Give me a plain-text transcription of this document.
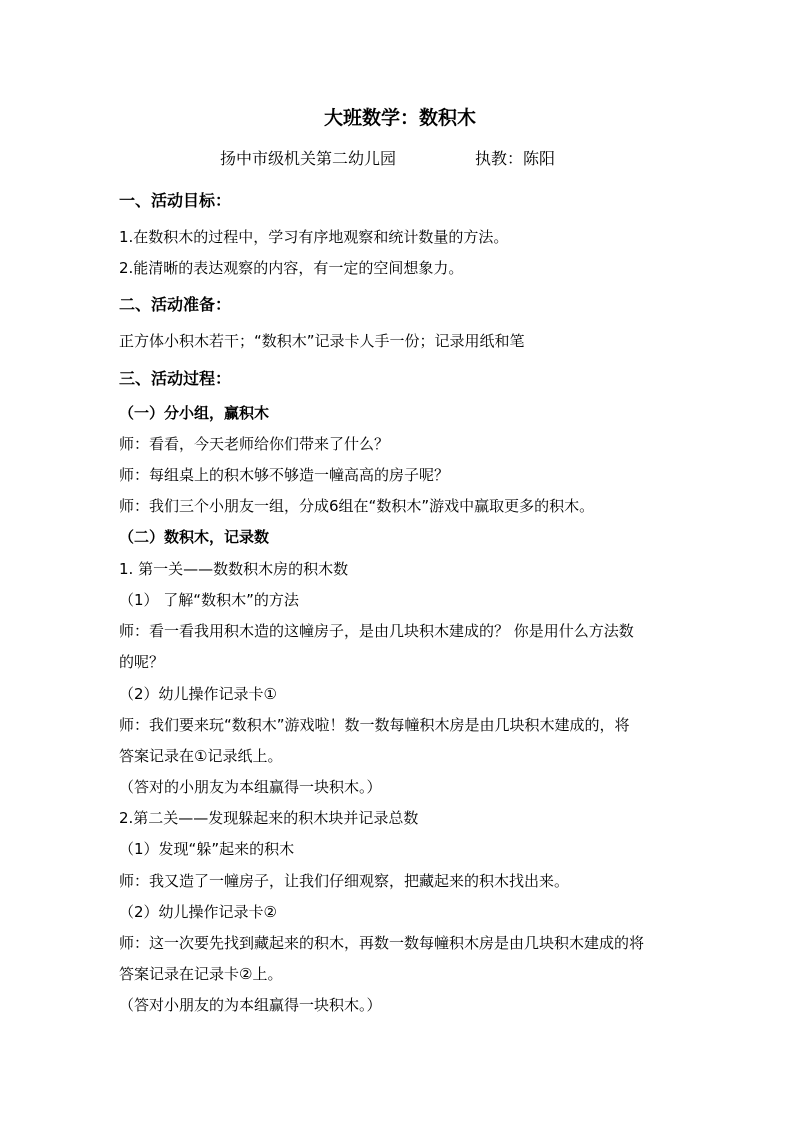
大班数学：数积木
扬中市级机关第二幼儿园	执教：陈阳
一、活动目标：
1.在数积木的过程中，学习有序地观察和统计数量的方法。
2.能清晰的表达观察的内容，有一定的空间想象力。
二、活动准备：
正方体小积木若干；“数积木”记录卡人手一份；记录用纸和笔
三、活动过程：
（一）分小组，赢积木
师：看看，今天老师给你们带来了什么？
师：每组桌上的积木够不够造一幢高高的房子呢？
师：我们三个小朋友一组，分成6组在“数积木”游戏中赢取更多的积木。
（二）数积木，记录数
1. 第一关——数数积木房的积木数
（1） 了解“数积木”的方法
师：看一看我用积木造的这幢房子，是由几块积木建成的？ 你是用什么方法数
的呢？
（2）幼儿操作记录卡①
师：我们要来玩“数积木”游戏啦！数一数每幢积木房是由几块积木建成的，将
答案记录在①记录纸上。
（答对的小朋友为本组赢得一块积木。）
2.第二关——发现躲起来的积木块并记录总数
（1）发现“躲”起来的积木
师：我又造了一幢房子，让我们仔细观察，把藏起来的积木找出来。
（2）幼儿操作记录卡②
师：这一次要先找到藏起来的积木，再数一数每幢积木房是由几块积木建成的将
答案记录在记录卡②上。
（答对小朋友的为本组赢得一块积木。）
